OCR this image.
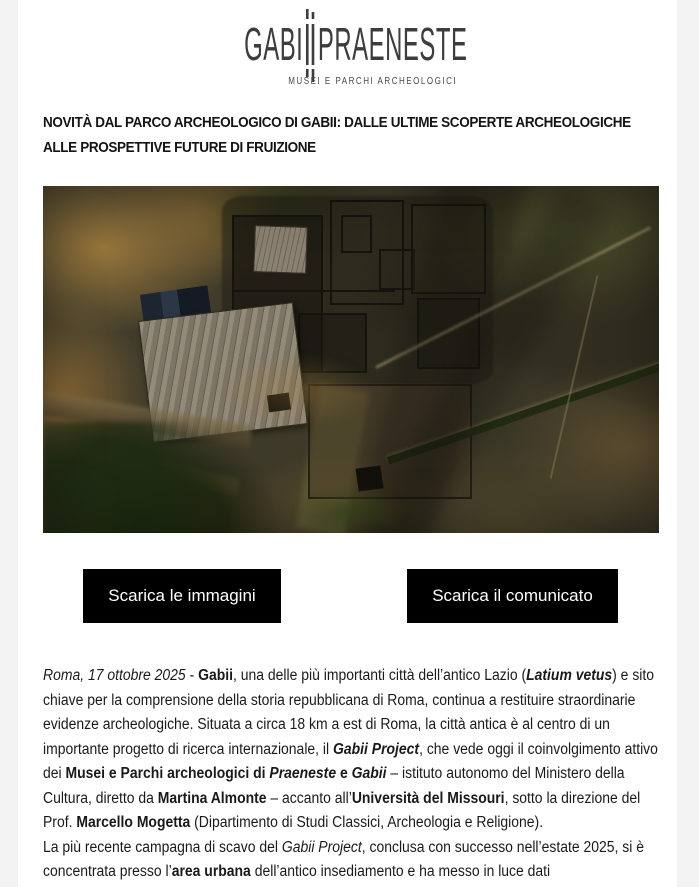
GABI PRAENESTE
MUSEI E PARCHI ARCHEOLOGICI
NOVITÀ DAL PARCO ARCHEOLOGICO DI GABII: DALLE ULTIME SCOPERTE ARCHEOLOGICHE
ALLE PROSPETTIVE FUTURE DI FRUIZIONE
Scarica le immagini	Scarica il comunicato

Roma, 17 ottobre 2025 - Gabii, una delle più importanti città dell’antico Lazio (Latium vetus) e sito chiave per la comprensione della storia repubblicana di Roma, continua a restituire straordinarie evidenze archeologiche. Situata a circa 18 km a est di Roma, la città antica è al centro di un importante progetto di ricerca internazionale, il Gabii Project, che vede oggi il coinvolgimento attivo dei Musei e Parchi archeologici di Praeneste e Gabii – istituto autonomo del Ministero della Cultura, diretto da Martina Almonte – accanto all’Università del Missouri, sotto la direzione del Prof. Marcello Mogetta (Dipartimento di Studi Classici, Archeologia e Religione).

La più recente campagna di scavo del Gabii Project, conclusa con successo nell’estate 2025, si è concentrata presso l’area urbana dell’antico insediamento e ha messo in luce dati
